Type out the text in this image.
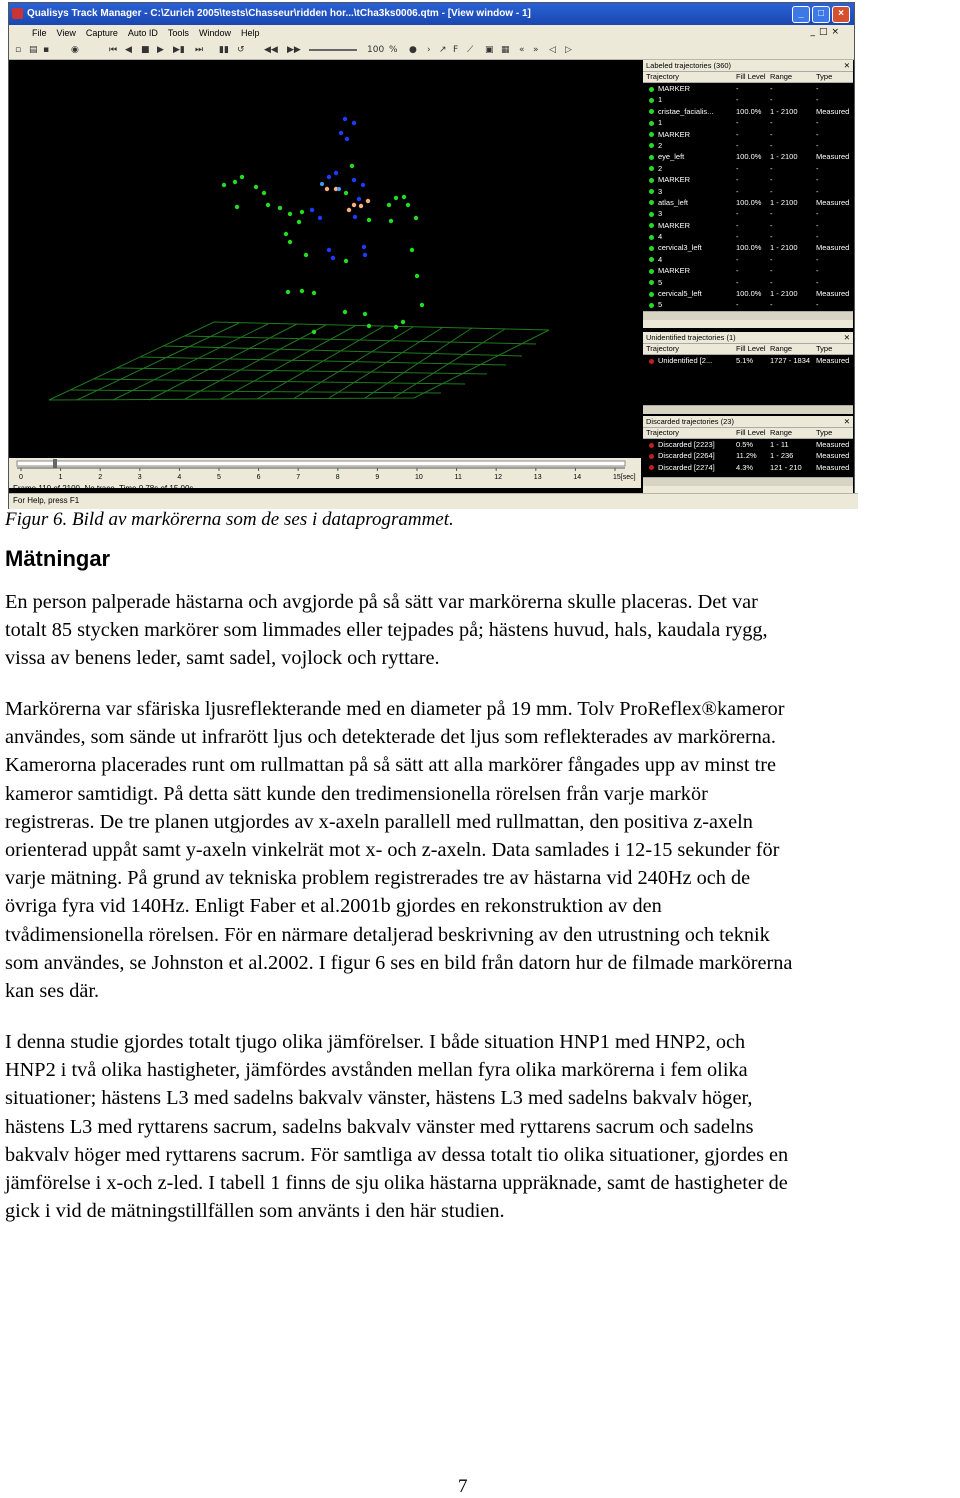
Qualisys Track Manager - C:\Zurich 2005\tests\Chasseur\ridden hor...\tCha3ks0006.qtm - [View window - 1]	_	□	×
File View Capture Auto ID Tools Window Help	_□×
▫ ▤ ▪ ◉	⏮ ◀ ■ ▶ ▶▮ ⏭ ▮▮ ↺ ◀◀ ▶▶	100 % ● › ↗ F ⟋ ▣ ▦ « » ◁ ▷
0	1	2	3	4	5	6	7	8	9	10	11	12	13	14	15[sec]
Frame 110 of 2100, No trace, Time 0.78s of 15.00s
For Help, press F1
Labeled trajectories (360)	✕
Trajectory	Fill Level Range	Type
MARKER	-	-	-
1	-	-	-
cristae_facialis...	100.0%	1 - 2100	Measured
1	-	-	-
MARKER	-	-	-
2	-	-	-
eye_left	100.0%	1 - 2100	Measured
2	-	-	-
MARKER	-	-	-
3	-	-	-
atlas_left	100.0%	1 - 2100	Measured
3	-	-	-
MARKER	-	-	-
4	-	-	-
cervical3_left	100.0%	1 - 2100	Measured
4	-	-	-
MARKER	-	-	-
5	-	-	-
cervical5_left	100.0%	1 - 2100	Measured
5	-	-	-
Unidentified trajectories (1)	✕
Trajectory	Fill Level Range	Type
Unidentified [2...	5.1%	1727 - 1834 Measured
Discarded trajectories (23)	✕
Trajectory	Fill Level Range	Type
Discarded [2223]	0.5%	1 - 11	Measured
Discarded [2264]	11.2%	1 - 236	Measured
Discarded [2274]	4.3%	121 - 210	Measured
Figur 6. Bild av markörerna som de ses i dataprogrammet.
Mätningar
En person palperade hästarna och avgjorde på så sätt var markörerna skulle placeras. Det var
totalt 85 stycken markörer som limmades eller tejpades på; hästens huvud, hals, kaudala rygg,
vissa av benens leder, samt sadel, vojlock och ryttare.
Markörerna var sfäriska ljusreflekterande med en diameter på 19 mm. Tolv ProReflex®kameror
användes, som sände ut infrarött ljus och detekterade det ljus som reflekterades av markörerna.
Kamerorna placerades runt om rullmattan på så sätt att alla markörer fångades upp av minst tre
kameror samtidigt. På detta sätt kunde den tredimensionella rörelsen från varje markör
registreras. De tre planen utgjordes av x-axeln parallell med rullmattan, den positiva z-axeln
orienterad uppåt samt y-axeln vinkelrät mot x- och z-axeln. Data samlades i 12-15 sekunder för
varje mätning. På grund av tekniska problem registrerades tre av hästarna vid 240Hz och de
övriga fyra vid 140Hz. Enligt Faber et al.2001b gjordes en rekonstruktion av den
tvådimensionella rörelsen. För en närmare detaljerad beskrivning av den utrustning och teknik
som användes, se Johnston et al.2002. I figur 6 ses en bild från datorn hur de filmade markörerna
kan ses där.
I denna studie gjordes totalt tjugo olika jämförelser. I både situation HNP1 med HNP2, och
HNP2 i två olika hastigheter, jämfördes avstånden mellan fyra olika markörerna i fem olika
situationer; hästens L3 med sadelns bakvalv vänster, hästens L3 med sadelns bakvalv höger,
hästens L3 med ryttarens sacrum, sadelns bakvalv vänster med ryttarens sacrum och sadelns
bakvalv höger med ryttarens sacrum. För samtliga av dessa totalt tio olika situationer, gjordes en
jämförelse i x-och z-led. I tabell 1 finns de sju olika hästarna uppräknade, samt de hastigheter de
gick i vid de mätningstillfällen som använts i den här studien.
7
